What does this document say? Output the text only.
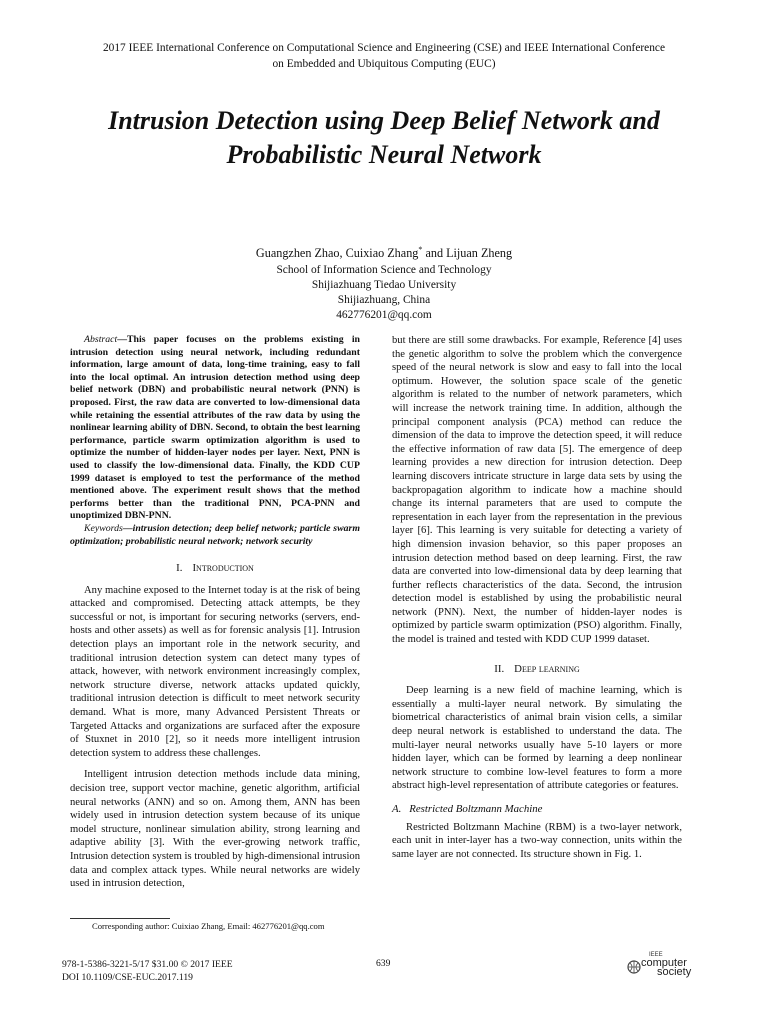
2017 IEEE International Conference on Computational Science and Engineering (CSE) and IEEE International Conference
on Embedded and Ubiquitous Computing (EUC)
Intrusion Detection using Deep Belief Network and
Probabilistic Neural Network
Guangzhen Zhao, Cuixiao Zhang* and Lijuan Zheng
School of Information Science and Technology
Shijiazhuang Tiedao University
Shijiazhuang, China
462776201@qq.com

Abstract—This paper focuses on the problems existing in intrusion detection using neural network, including redundant information, large amount of data, long-time training, easy to fall into the local optimal. An intrusion detection method using deep belief network (DBN) and probabilistic neural network (PNN) is proposed. First, the raw data are converted to low-dimensional data while retaining the essential attributes of the raw data by using the nonlinear learning ability of DBN. Second, to obtain the best learning performance, particle swarm optimization algorithm is used to optimize the number of hidden-layer nodes per layer. Next, PNN is used to classify the low-dimensional data. Finally, the KDD CUP 1999 dataset is employed to test the performance of the method mentioned above. The experiment result shows that the method performs better than the traditional PNN, PCA-PNN and unoptimized DBN-PNN.

Keywords—intrusion detection; deep belief network; particle swarm optimization; probabilistic neural network; network security

I. Introduction

Any machine exposed to the Internet today is at the risk of being attacked and compromised. Detecting attack attempts, be they successful or not, is important for securing networks (servers, end-hosts and other assets) as well as for forensic analysis [1]. Intrusion detection plays an important role in the network security, and traditional intrusion detection system can detect many types of attack, however, with network environment increasingly complex, network structure diverse, network attacks updated quickly, traditional intrusion detection is difficult to meet network security demand. What is more, many Advanced Persistent Threats or Targeted Attacks and organizations are surfaced after the exposure of Stuxnet in 2010 [2], so it needs more intelligent intrusion detection system to address these challenges.

Intelligent intrusion detection methods include data mining, decision tree, support vector machine, genetic algorithm, artificial neural networks (ANN) and so on. Among them, ANN has been widely used in intrusion detection system because of its unique model structure, nonlinear simulation ability, strong learning and adaptive ability [3]. With the ever-growing network traffic, Intrusion detection system is troubled by high-dimensional intrusion data and complex attack types. While neural networks are widely used in intrusion detection,

but there are still some drawbacks. For example, Reference [4] uses the genetic algorithm to solve the problem which the convergence speed of the neural network is slow and easy to fall into the local optimum. However, the solution space scale of the genetic algorithm is related to the number of network parameters, which will increase the network training time. In addition, although the principal component analysis (PCA) method can reduce the dimension of the data to improve the detection speed, it will reduce the effective information of raw data [5]. The emergence of deep learning provides a new direction for intrusion detection. Deep learning discovers intricate structure in large data sets by using the backpropagation algorithm to indicate how a machine should change its internal parameters that are used to compute the representation in each layer from the representation in the previous layer [6]. This learning is very suitable for detecting a variety of high dimension invasion behavior, so this paper proposes an intrusion detection method based on deep learning. First, the raw data are converted into low-dimensional data by deep learning that further reflects characteristics of the data. Second, the intrusion detection model is established by using the probabilistic neural network (PNN). Next, the number of hidden-layer nodes is optimized by particle swarm optimization (PSO) algorithm. Finally, the model is trained and tested with KDD CUP 1999 dataset.

II. Deep learning

Deep learning is a new field of machine learning, which is essentially a multi-layer neural network. By simulating the biometrical characteristics of animal brain vision cells, a similar deep neural network is established to understand the data. The multi-layer neural networks usually have 5-10 layers or more hidden layer, which can be formed by learning a deep nonlinear network structure to combine low-level features to form a more abstract high-level representation of attribute categories or features.

A. Restricted Boltzmann Machine

Restricted Boltzmann Machine (RBM) is a two-layer network, each unit in inter-layer has a two-way connection, units within the same layer are not connected. Its structure shown in Fig. 1.

Corresponding author: Cuixiao Zhang, Email: 462776201@qq.com
978-1-5386-3221-5/17 $31.00 © 2017 IEEE
DOI 10.1109/CSE-EUC.2017.119
639
IEEE
computer
society
